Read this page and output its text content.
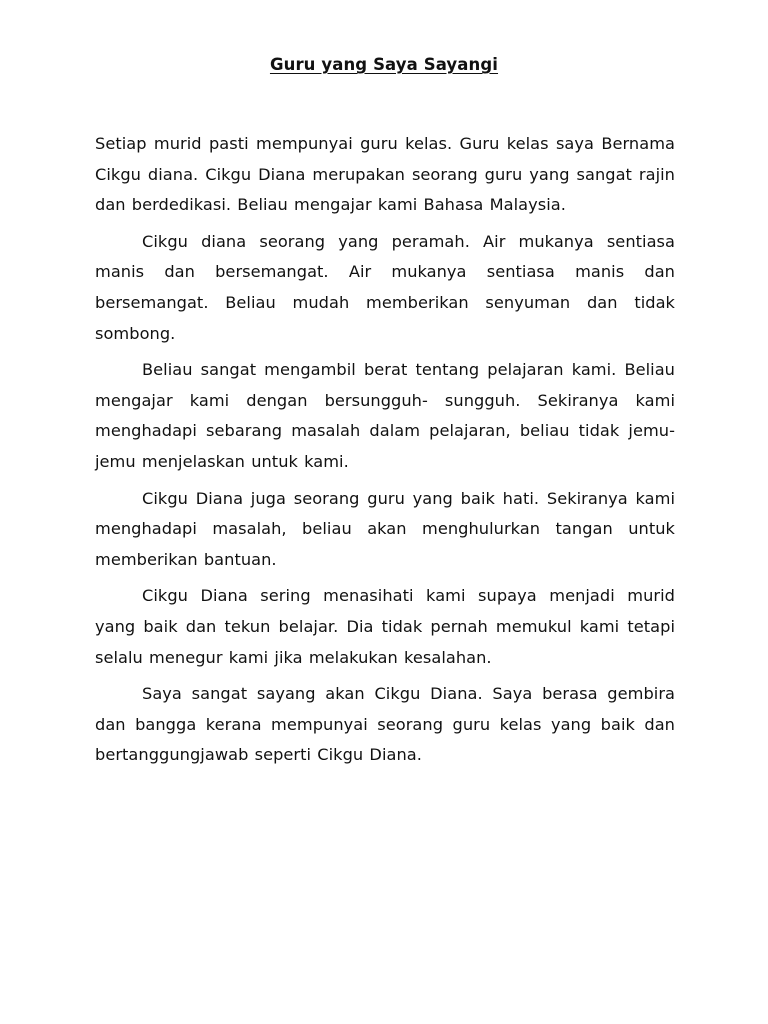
Guru yang Saya Sayangi

Setiap murid pasti mempunyai guru kelas. Guru kelas saya Bernama Cikgu diana. Cikgu Diana merupakan seorang guru yang sangat rajin dan berdedikasi. Beliau mengajar kami Bahasa Malaysia.

Cikgu diana seorang yang peramah. Air mukanya sentiasa manis dan bersemangat. Air mukanya sentiasa manis dan bersemangat. Beliau mudah memberikan senyuman dan tidak sombong.

Beliau sangat mengambil berat tentang pelajaran kami. Beliau mengajar kami dengan bersungguh- sungguh. Sekiranya kami menghadapi sebarang masalah dalam pelajaran, beliau tidak jemu- jemu menjelaskan untuk kami.

Cikgu Diana juga seorang guru yang baik hati. Sekiranya kami menghadapi masalah, beliau akan menghulurkan tangan untuk memberikan bantuan.

Cikgu Diana sering menasihati kami supaya menjadi murid yang baik dan tekun belajar. Dia tidak pernah memukul kami tetapi selalu menegur kami jika melakukan kesalahan.

Saya sangat sayang akan Cikgu Diana. Saya berasa gembira dan bangga kerana mempunyai seorang guru kelas yang baik dan bertanggungjawab seperti Cikgu Diana.
